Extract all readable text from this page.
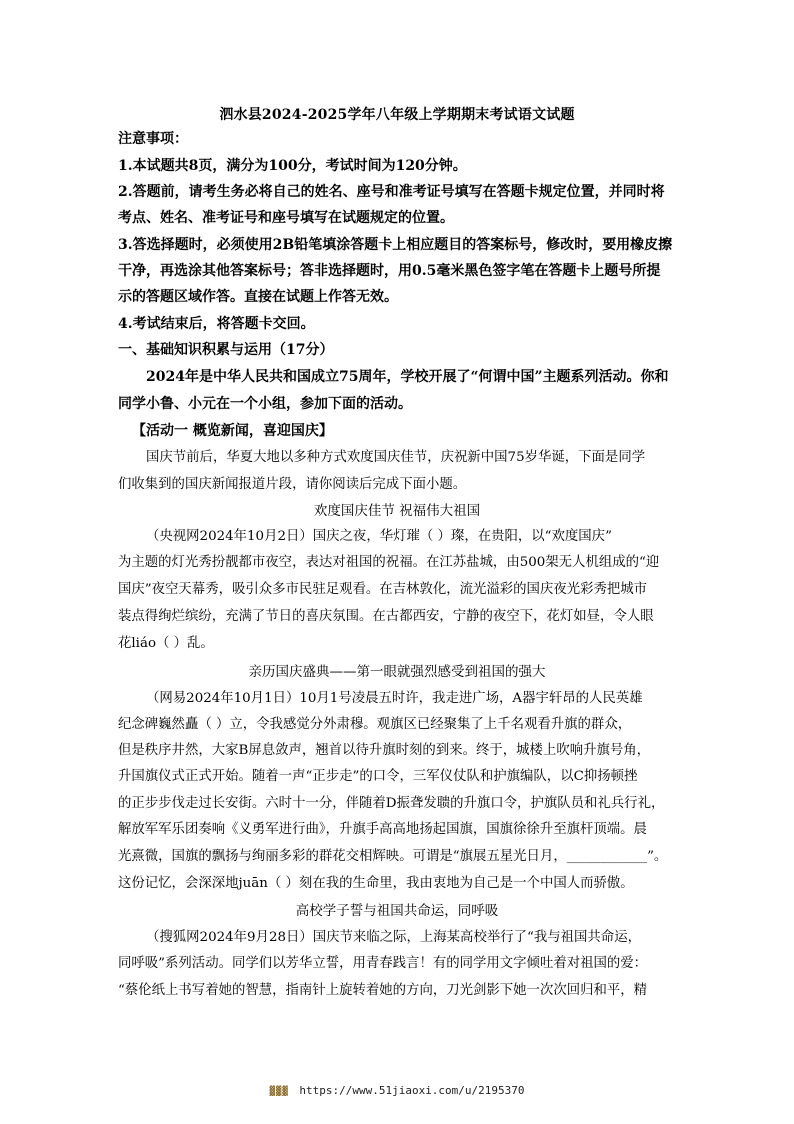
泗水县2024-2025学年八年级上学期期末考试语文试题
注意事项：
1.本试题共8页，满分为100分，考试时间为120分钟。
2.答题前，请考生务必将自己的姓名、座号和准考证号填写在答题卡规定位置，并同时将
考点、姓名、准考证号和座号填写在试题规定的位置。
3.答选择题时，必须使用2B铅笔填涂答题卡上相应题目的答案标号，修改时，要用橡皮擦
干净，再选涂其他答案标号；答非选择题时，用0.5毫米黑色签字笔在答题卡上题号所提
示的答题区域作答。直接在试题上作答无效。
4.考试结束后，将答题卡交回。
一、基础知识积累与运用（17分）
2024年是中华人民共和国成立75周年，学校开展了“何谓中国”主题系列活动。你和
同学小鲁、小元在一个小组，参加下面的活动。
【活动一 概览新闻，喜迎国庆】
国庆节前后，华夏大地以多种方式欢度国庆佳节，庆祝新中国75岁华诞，下面是同学
们收集到的国庆新闻报道片段，请你阅读后完成下面小题。
欢度国庆佳节 祝福伟大祖国
（央视网2024年10月2日）国庆之夜，华灯璀（ ）璨，在贵阳，以“欢度国庆”
为主题的灯光秀扮靓都市夜空，表达对祖国的祝福。在江苏盐城，由500架无人机组成的“迎
国庆”夜空天幕秀，吸引众多市民驻足观看。在吉林敦化，流光溢彩的国庆夜光彩秀把城市
装点得绚烂缤纷，充满了节日的喜庆氛围。在古都西安，宁静的夜空下，花灯如昼，令人眼
花liáo（ ）乱。
亲历国庆盛典——第一眼就强烈感受到祖国的强大
（网易2024年10月1日）10月1号凌晨五时许，我走进广场，A器宇轩昂的人民英雄
纪念碑巍然矗（ ）立，令我感觉分外肃穆。观旗区已经聚集了上千名观看升旗的群众，
但是秩序井然，大家B屏息敛声，翘首以待升旗时刻的到来。终于，城楼上吹响升旗号角，
升国旗仪式正式开始。随着一声“正步走”的口令，三军仪仗队和护旗编队，以C抑扬顿挫
的正步步伐走过长安街。六时十一分，伴随着D振聋发聩的升旗口令，护旗队员和礼兵行礼，
解放军军乐团奏响《义勇军进行曲》，升旗手高高地扬起国旗，国旗徐徐升至旗杆顶端。晨
光熹微，国旗的飘扬与绚丽多彩的群花交相辉映。可谓是“旗展五星光日月，____________”。
这份记忆，会深深地juān（ ）刻在我的生命里，我由衷地为自己是一个中国人而骄傲。
高校学子誓与祖国共命运，同呼吸
（搜狐网2024年9月28日）国庆节来临之际，上海某高校举行了“我与祖国共命运，
同呼吸”系列活动。同学们以芳华立誓，用青春践言！有的同学用文字倾吐着对祖国的爱：
“蔡伦纸上书写着她的智慧，指南针上旋转着她的方向，刀光剑影下她一次次回归和平，精
▓▓▓ https://www.51jiaoxi.com/u/2195370
